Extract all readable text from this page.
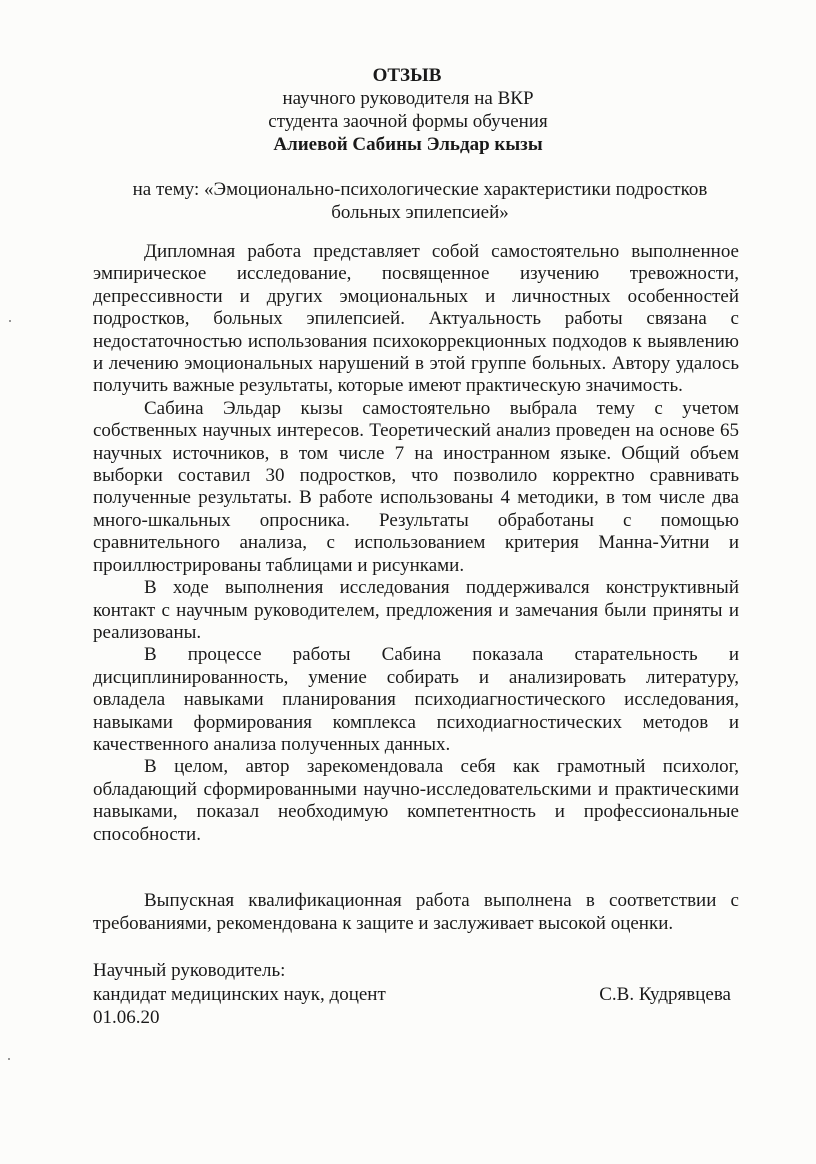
ОТЗЫВ
научного руководителя на ВКР
студента заочной формы обучения
Алиевой Сабины Эльдар кызы
на тему: «Эмоционально-психологические характеристики подростков
больных эпилепсией»

Дипломная работа представляет собой самостоятельно выполненное эмпирическое исследование, посвященное изучению тревожности, депрессивности и других эмоциональных и личностных особенностей подростков, больных эпилепсией. Актуальность работы связана с недостаточностью использования психокоррекционных подходов к выявлению и лечению эмоциональных нарушений в этой группе больных. Автору удалось получить важные результаты, которые имеют практическую значимость.

Сабина Эльдар кызы самостоятельно выбрала тему с учетом собственных научных интересов. Теоретический анализ проведен на основе 65 научных источников, в том числе 7 на иностранном языке. Общий объем выборки составил 30 подростков, что позволило корректно сравнивать полученные результаты. В работе использованы 4 методики, в том числе два много-шкальных опросника. Результаты обработаны с помощью сравнительного анализа, с использованием критерия Манна-Уитни и проиллюстрированы таблицами и рисунками.

В ходе выполнения исследования поддерживался конструктивный контакт с научным руководителем, предложения и замечания были приняты и реализованы.

В процессе работы Сабина показала старательность и дисциплинированность, умение собирать и анализировать литературу, овладела навыками планирования психодиагностического исследования, навыками формирования комплекса психодиагностических методов и качественного анализа полученных данных.

В целом, автор зарекомендовала себя как грамотный психолог, обладающий сформированными научно-исследовательскими и практическими навыками, показал необходимую компетентность и профессиональные способности.

Выпускная квалификационная работа выполнена в соответствии с требованиями, рекомендована к защите и заслуживает высокой оценки.

Научный руководитель:
кандидат медицинских наук, доцент	С.В. Кудрявцева
01.06.20
